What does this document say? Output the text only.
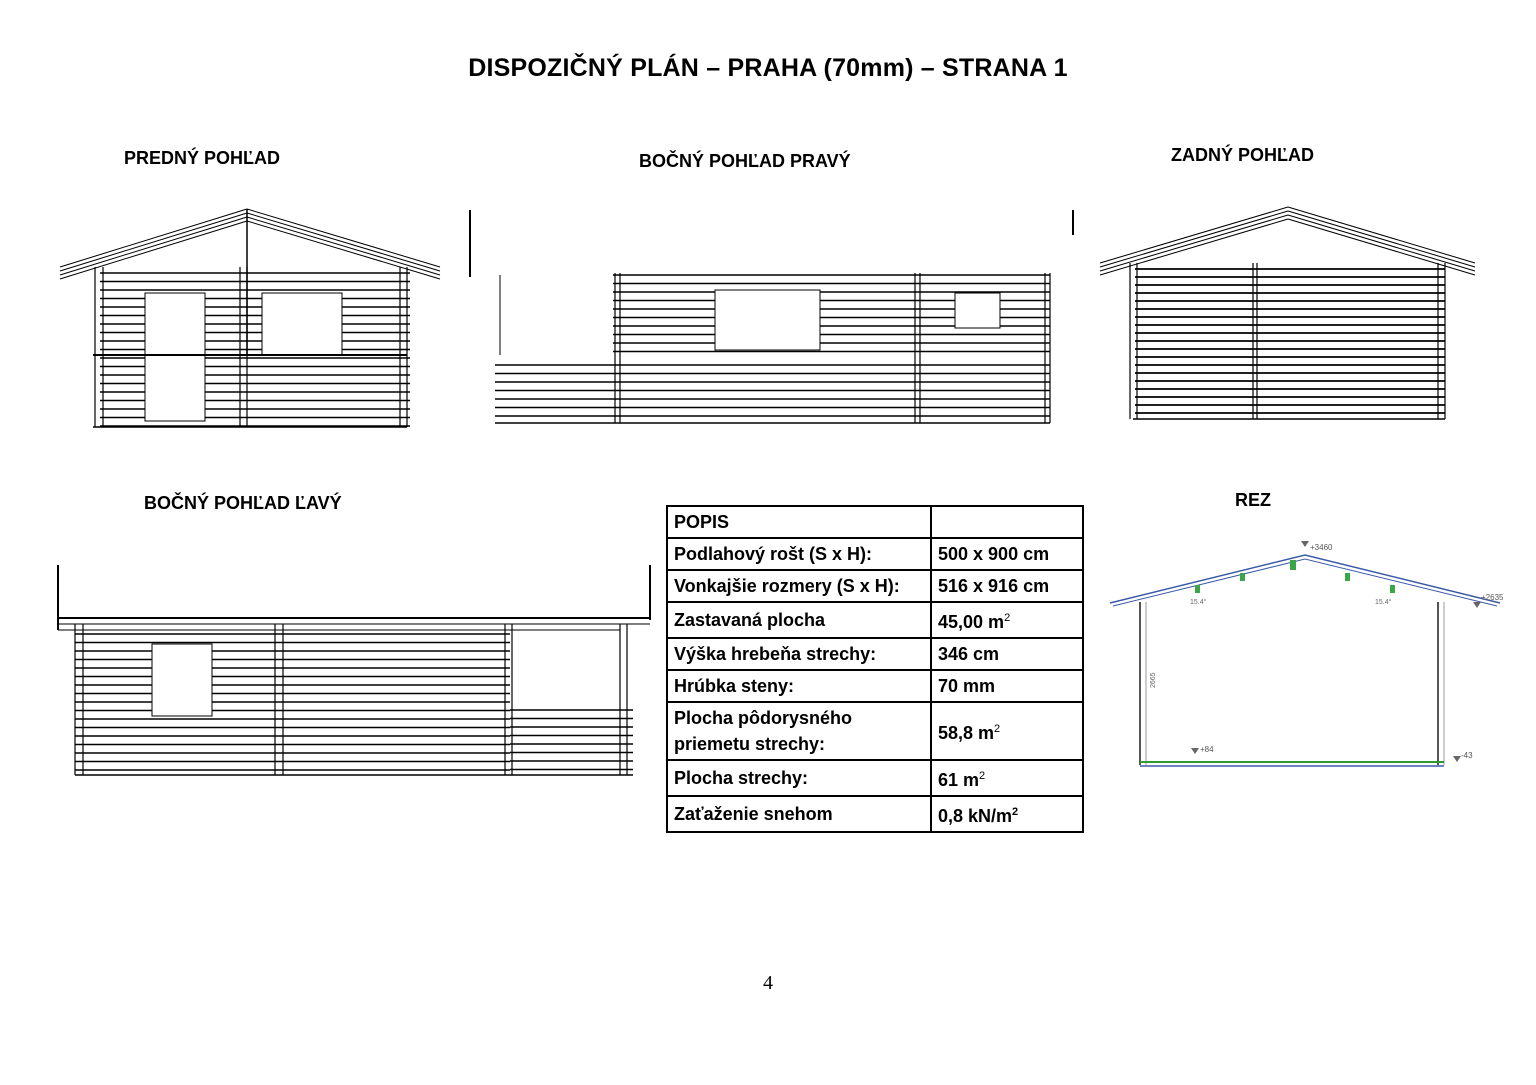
DISPOZIČNÝ PLÁN – PRAHA (70mm) – STRANA 1
PREDNÝ POHĽAD	BOČNÝ POHĽAD PRAVÝ	ZADNÝ POHĽAD
BOČNÝ POHĽAD ĽAVÝ	REZ
+3460
+2635
+84
-43
2665
15.4°	15.4°
POPIS	
Podlahový rošt (S x H):	500 x 900 cm
Vonkajšie rozmery (S x H):	516 x 916 cm
Zastavaná plocha	45,00 $m^2$
Výška hrebeňa strechy:	346 cm
Hrúbka steny:	70 mm
Plocha pôdorysného priemetu strechy:	58,8 $m^2$
Plocha strechy:	61 $m^2$
Zaťaženie snehom	0,8 $kN/m^2$
4
